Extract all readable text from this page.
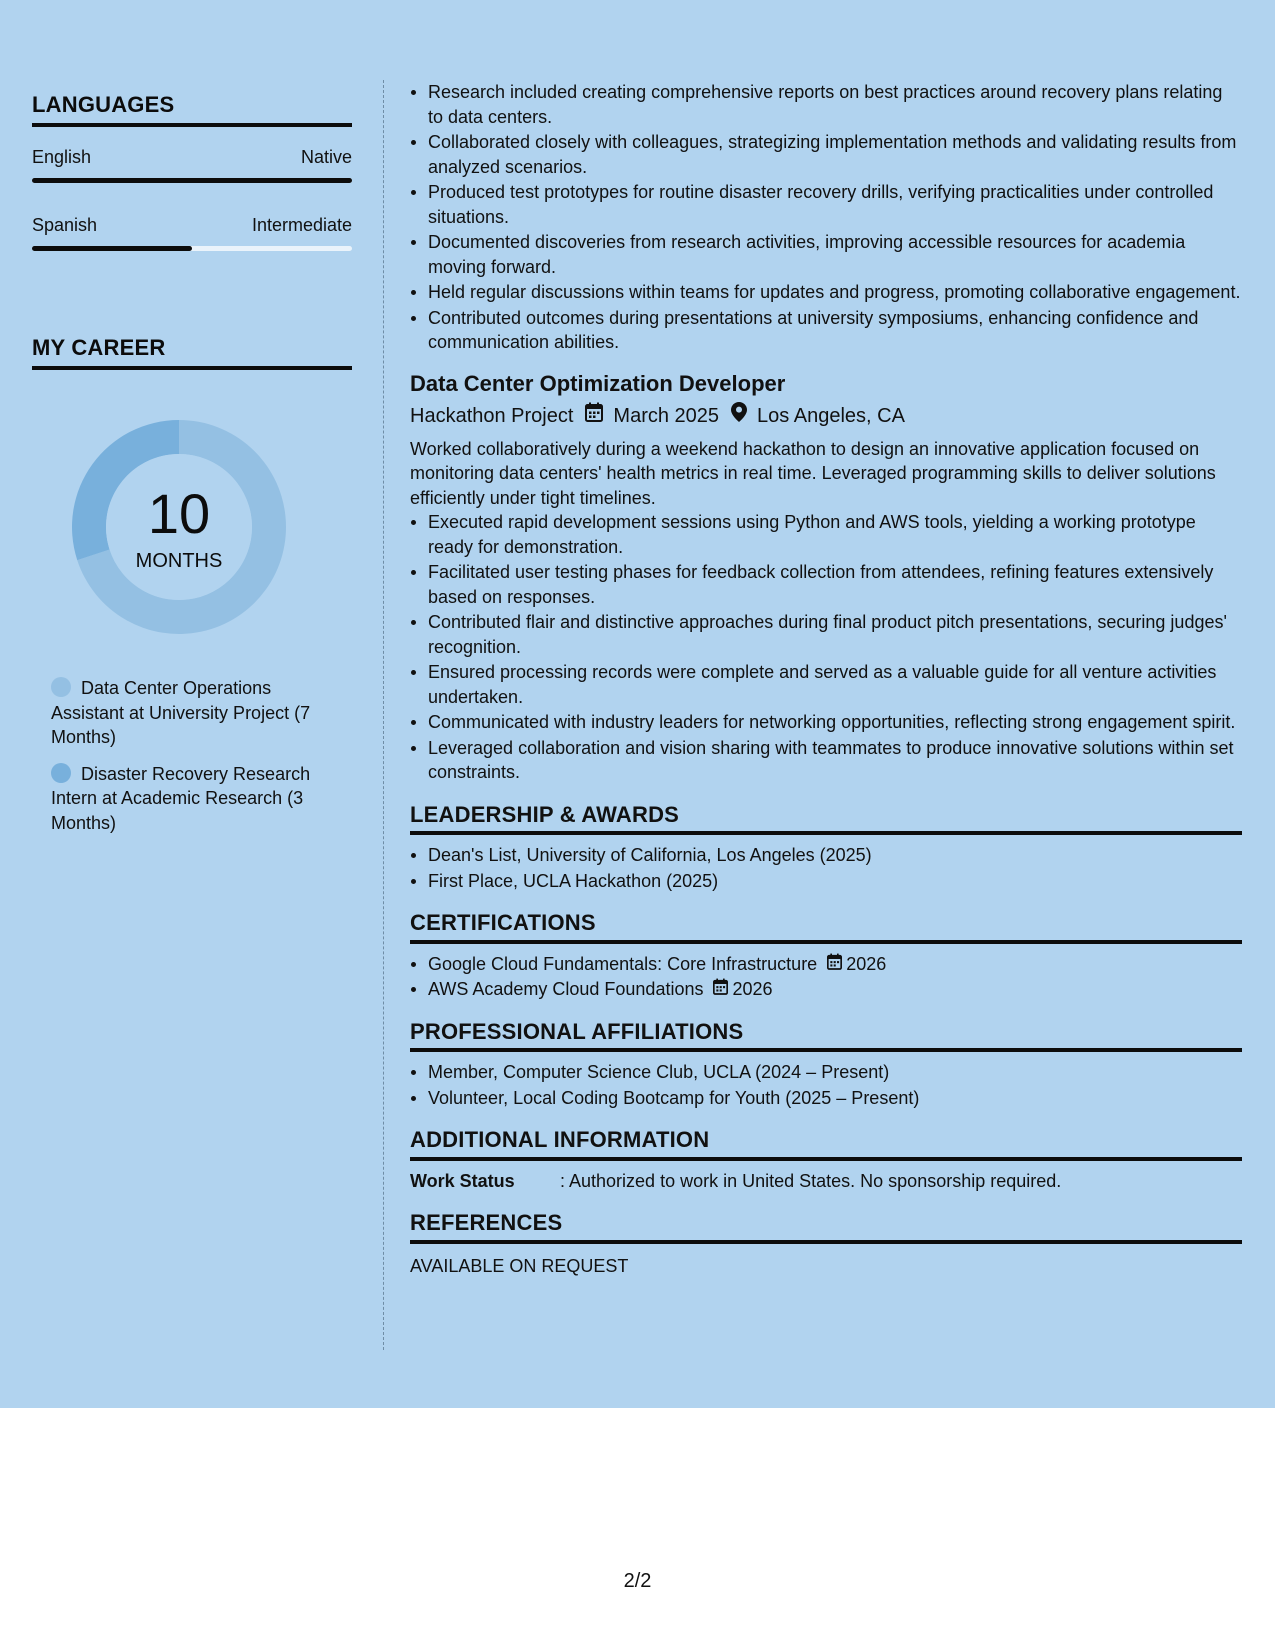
LANGUAGES
English	Native
Spanish	Intermediate
MY CAREER
10
MONTHS
Data Center Operations Assistant at University Project (7 Months)
Disaster Recovery Research Intern at Academic Research (3 Months)
Research included creating comprehensive reports on best practices around recovery plans relating to data centers.
Collaborated closely with colleagues, strategizing implementation methods and validating results from analyzed scenarios.
Produced test prototypes for routine disaster recovery drills, verifying practicalities under controlled situations.
Documented discoveries from research activities, improving accessible resources for academia moving forward.
Held regular discussions within teams for updates and progress, promoting collaborative engagement.
Contributed outcomes during presentations at university symposiums, enhancing confidence and communication abilities.
Data Center Optimization Developer
Hackathon Project March 2025 Los Angeles, CA
Worked collaboratively during a weekend hackathon to design an innovative application focused on monitoring data centers' health metrics in real time. Leveraged programming skills to deliver solutions efficiently under tight timelines.
Executed rapid development sessions using Python and AWS tools, yielding a working prototype ready for demonstration.
Facilitated user testing phases for feedback collection from attendees, refining features extensively based on responses.
Contributed flair and distinctive approaches during final product pitch presentations, securing judges' recognition.
Ensured processing records were complete and served as a valuable guide for all venture activities undertaken.
Communicated with industry leaders for networking opportunities, reflecting strong engagement spirit.
Leveraged collaboration and vision sharing with teammates to produce innovative solutions within set constraints.
LEADERSHIP & AWARDS
Dean's List, University of California, Los Angeles (2025)
First Place, UCLA Hackathon (2025)
CERTIFICATIONS
Google Cloud Fundamentals: Core Infrastructure 2026
AWS Academy Cloud Foundations 2026
PROFESSIONAL AFFILIATIONS
Member, Computer Science Club, UCLA (2024 – Present)
Volunteer, Local Coding Bootcamp for Youth (2025 – Present)
ADDITIONAL INFORMATION
Work Status	: Authorized to work in United States. No sponsorship required.
REFERENCES
AVAILABLE ON REQUEST
2/2
